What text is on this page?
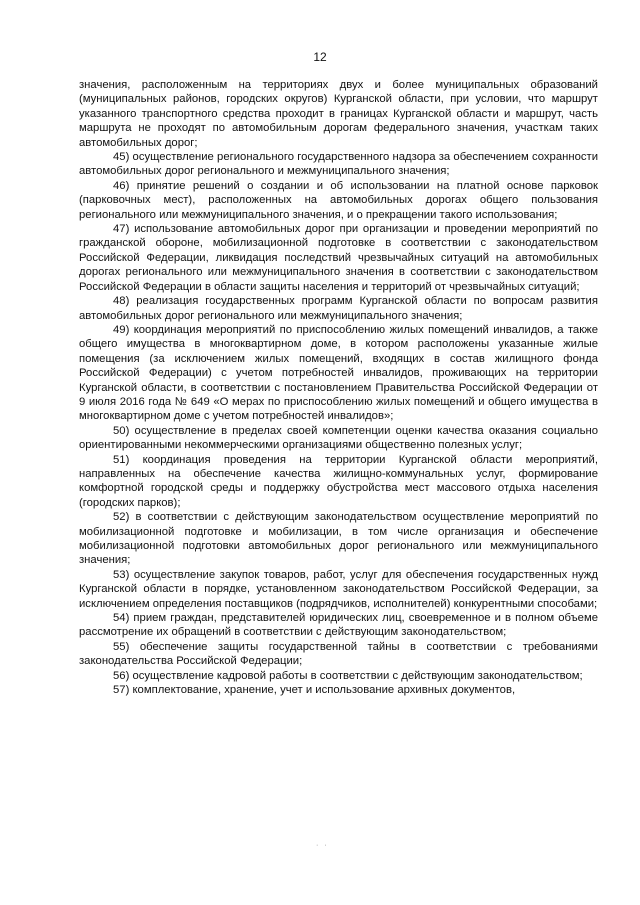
12

значения, расположенным на территориях двух и более муниципальных образований (муниципальных районов, городских округов) Курганской области, при условии, что маршрут указанного транспортного средства проходит в границах Курганской области и маршрут, часть маршрута не проходят по автомобильным дорогам федерального значения, участкам таких автомобильных дорог;

45) осуществление регионального государственного надзора за обеспечением сохранности автомобильных дорог регионального и межмуниципального значения;

46) принятие решений о создании и об использовании на платной основе парковок (парковочных мест), расположенных на автомобильных дорогах общего пользования регионального или межмуниципального значения, и о прекращении такого использования;

47) использование автомобильных дорог при организации и проведении мероприятий по гражданской обороне, мобилизационной подготовке в соответствии с законодательством Российской Федерации, ликвидация последствий чрезвычайных ситуаций на автомобильных дорогах регионального или межмуниципального значения в соответствии с законодательством Российской Федерации в области защиты населения и территорий от чрезвычайных ситуаций;

48) реализация государственных программ Курганской области по вопросам развития автомобильных дорог регионального или межмуниципального значения;

49) координация мероприятий по приспособлению жилых помещений инвалидов, а также общего имущества в многоквартирном доме, в котором расположены указанные жилые помещения (за исключением жилых помещений, входящих в состав жилищного фонда Российской Федерации) с учетом потребностей инвалидов, проживающих на территории Курганской области, в соответствии с постановлением Правительства Российской Федерации от 9 июля 2016 года № 649 «О мерах по приспособлению жилых помещений и общего имущества в многоквартирном доме с учетом потребностей инвалидов»;

50) осуществление в пределах своей компетенции оценки качества оказания социально ориентированными некоммерческими организациями общественно полезных услуг;

51) координация проведения на территории Курганской области мероприятий, направленных на обеспечение качества жилищно-коммунальных услуг, формирование комфортной городской среды и поддержку обустройства мест массового отдыха населения (городских парков);

52) в соответствии с действующим законодательством осуществление мероприятий по мобилизационной подготовке и мобилизации, в том числе организация и обеспечение мобилизационной подготовки автомобильных дорог регионального или межмуниципального значения;

53) осуществление закупок товаров, работ, услуг для обеспечения государственных нужд Курганской области в порядке, установленном законодательством Российской Федерации, за исключением определения поставщиков (подрядчиков, исполнителей) конкурентными способами;

54) прием граждан, представителей юридических лиц, своевременное и в полном объеме рассмотрение их обращений в соответствии с действующим законодательством;

55) обеспечение защиты государственной тайны в соответствии с требованиями законодательства Российской Федерации;

56) осуществление кадровой работы в соответствии с действующим законодательством;

57) комплектование, хранение, учет и использование архивных документов,

· ·
